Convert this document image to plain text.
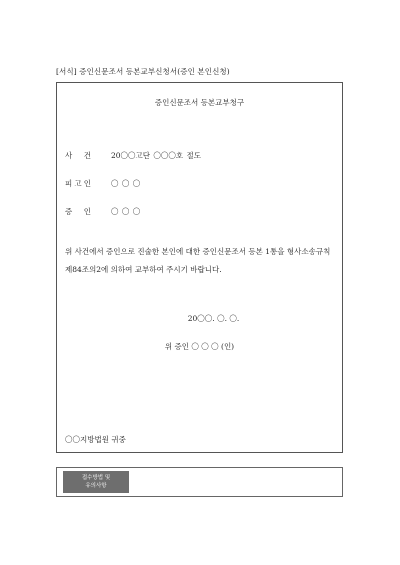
[서식] 증인신문조서 등본교부신청서(증인 본인신청)
증인신문조서 등본교부청구
사 건	20〇〇고단 〇〇〇호 절도
피 고 인	〇 〇 〇
증 인	〇 〇 〇
위 사건에서 증인으로 진술한 본인에 대한 증인신문조서 등본 1통을 형사소송규칙 제84조의2에 의하여 교부하여 주시기 바랍니다.
20〇〇. 〇. 〇.
위 증인 〇 〇 〇 (인)
〇〇지방법원 귀중
접수방법 및
유의사항
